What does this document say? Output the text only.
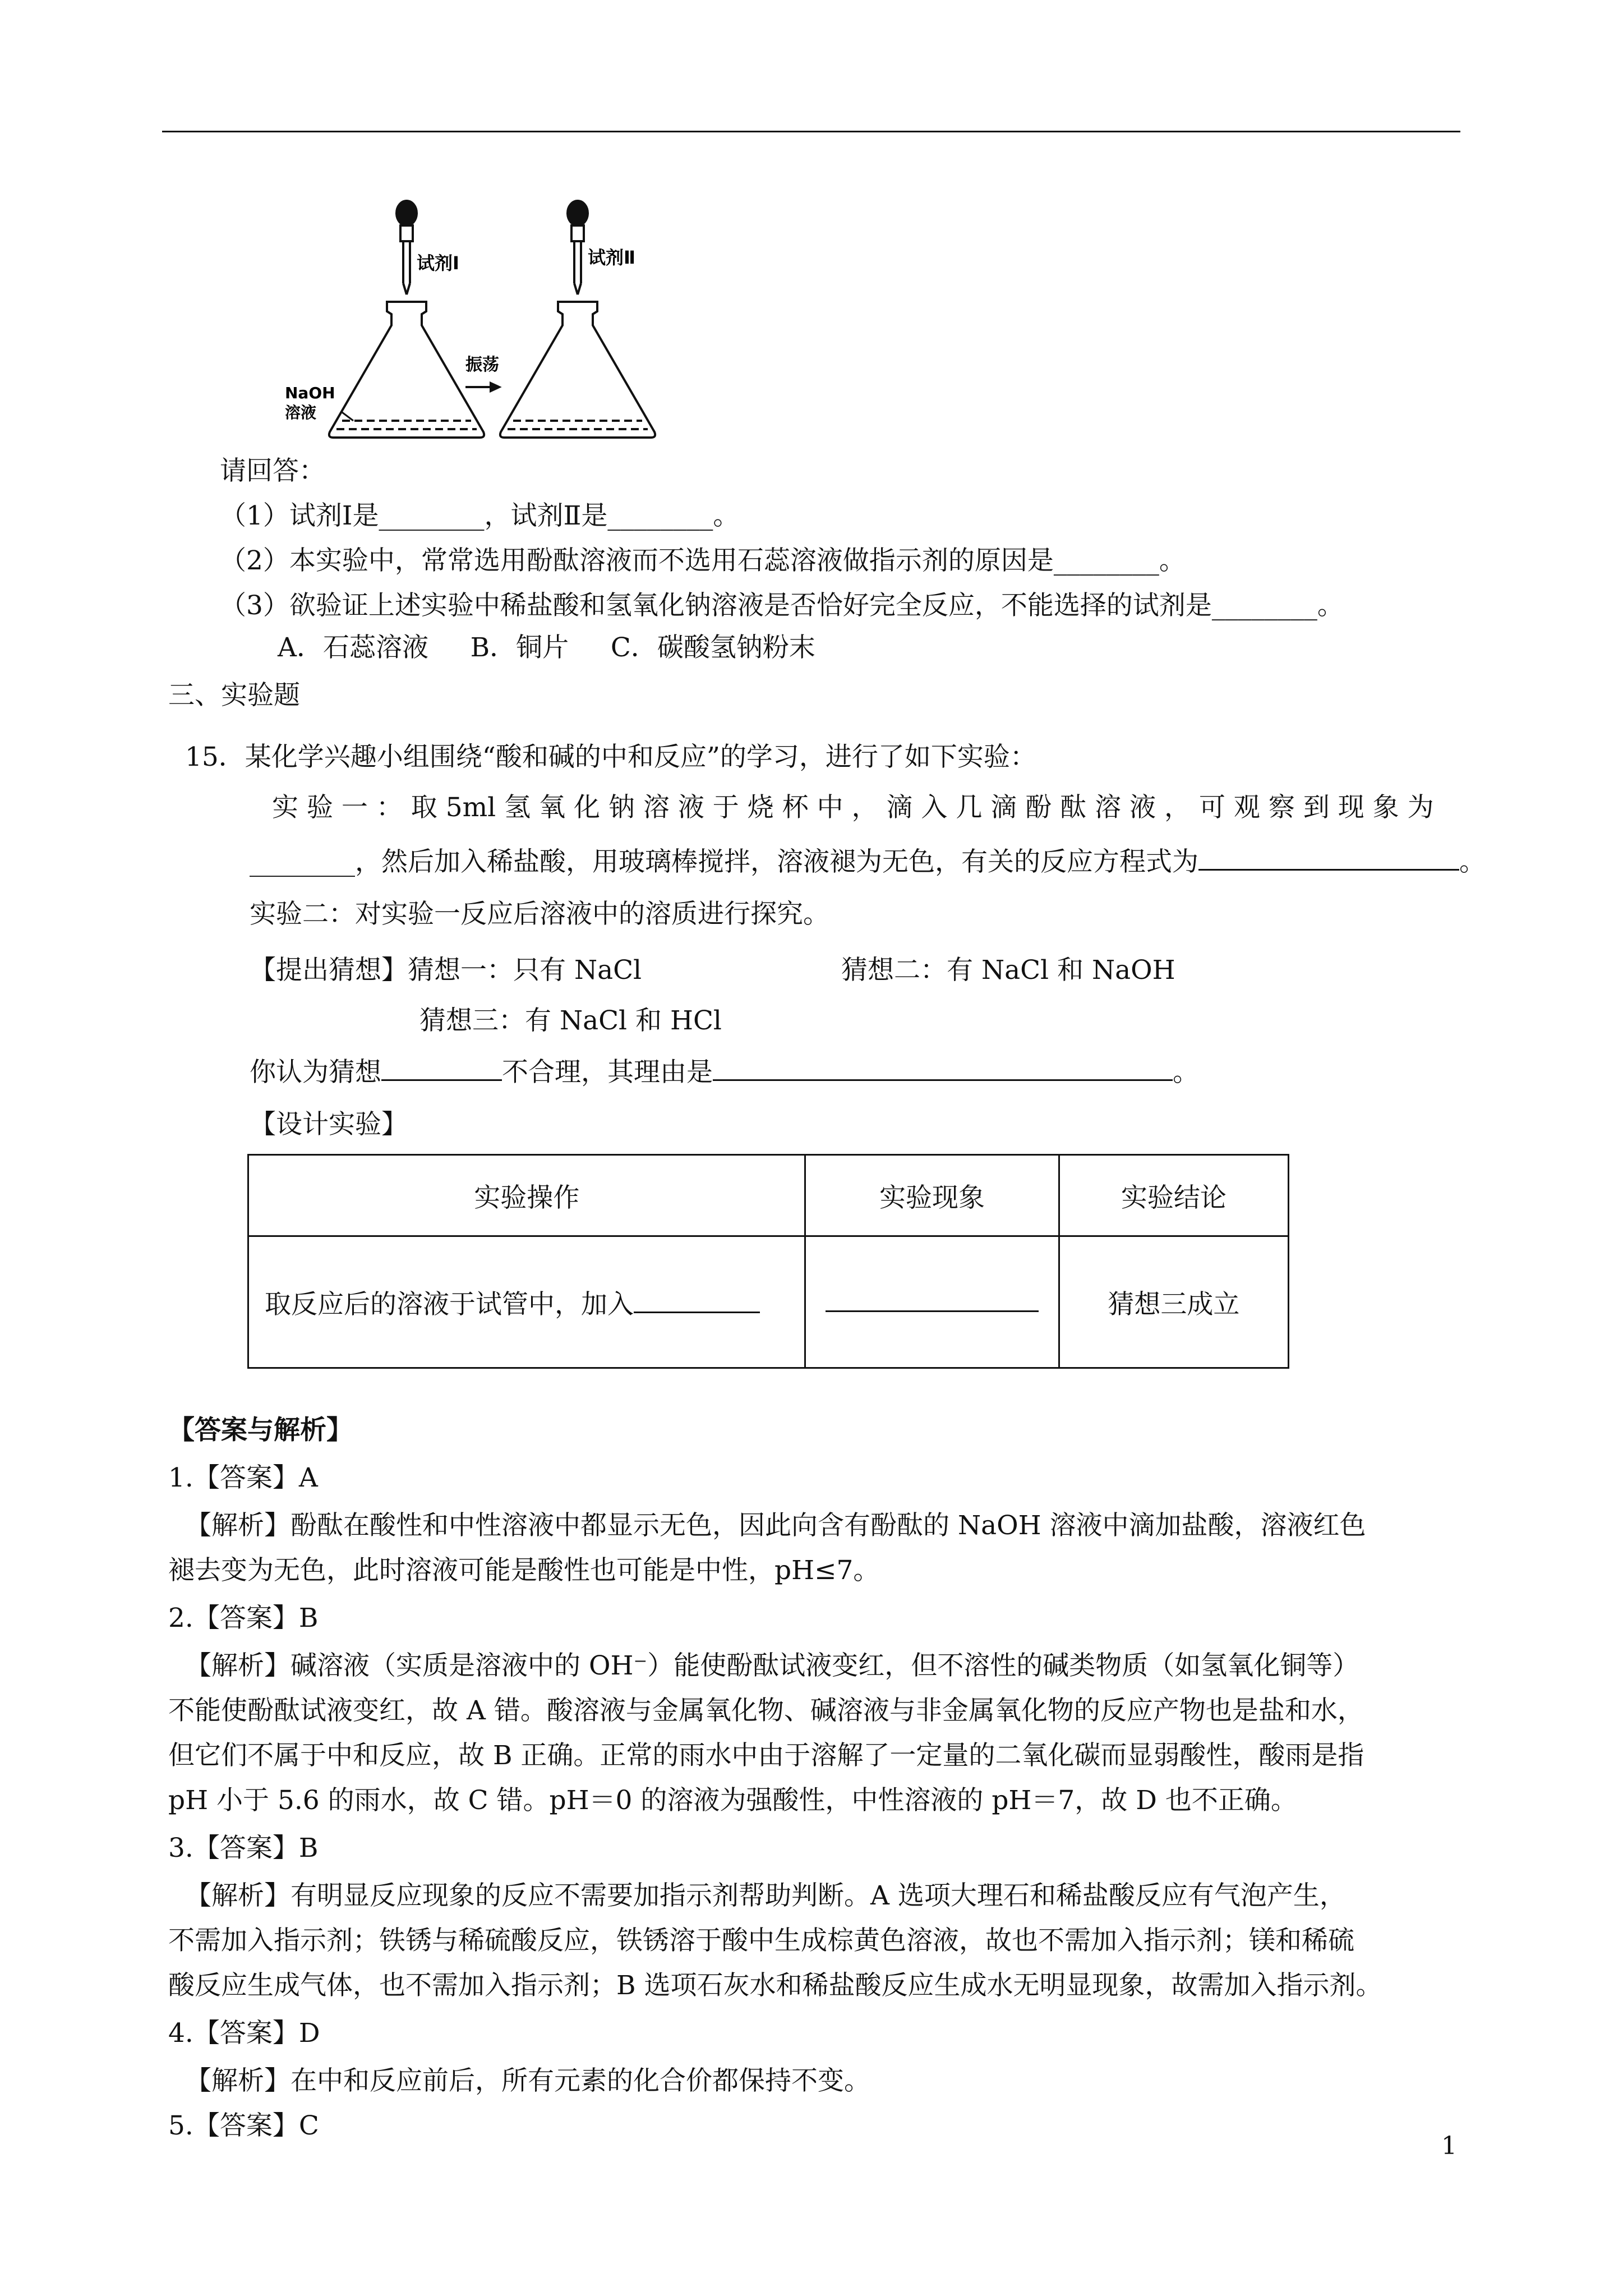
试剂Ⅰ	试剂Ⅱ
NaOH
溶液
振荡
请回答：
（1）试剂Ⅰ是________，试剂Ⅱ是________。
（2）本实验中，常常选用酚酞溶液而不选用石蕊溶液做指示剂的原因是________。
（3）欲验证上述实验中稀盐酸和氢氧化钠溶液是否恰好完全反应，不能选择的试剂是________。
A．石蕊溶液     B．铜片     C．碳酸氢钠粉末
三、实验题
15．某化学兴趣小组围绕“酸和碱的中和反应”的学习，进行了如下实验：
实 验 一 ： 取 5ml 氢 氧 化 钠 溶 液 于 烧 杯 中 ， 滴 入 几 滴 酚 酞 溶 液 ， 可 观 察 到 现 象 为
________，然后加入稀盐酸，用玻璃棒搅拌，溶液褪为无色，有关的反应方程式为	。
实验二：对实验一反应后溶液中的溶质进行探究。
【提出猜想】猜想一：只有 NaCl	猜想二：有 NaCl 和 NaOH
猜想三：有 NaCl 和 HCl
你认为猜想	不合理，其理由是	。
【设计实验】
实验操作	实验现象	实验结论
取反应后的溶液于试管中，加入		猜想三成立
【答案与解析】
1.【答案】A
【解析】酚酞在酸性和中性溶液中都显示无色，因此向含有酚酞的 NaOH 溶液中滴加盐酸，溶液红色
褪去变为无色，此时溶液可能是酸性也可能是中性，pH≤7。
2.【答案】B
【解析】碱溶液（实质是溶液中的 OH⁻）能使酚酞试液变红，但不溶性的碱类物质（如氢氧化铜等）
不能使酚酞试液变红，故 A 错。酸溶液与金属氧化物、碱溶液与非金属氧化物的反应产物也是盐和水，
但它们不属于中和反应，故 B 正确。正常的雨水中由于溶解了一定量的二氧化碳而显弱酸性，酸雨是指
pH 小于 5.6 的雨水，故 C 错。pH＝0 的溶液为强酸性，中性溶液的 pH＝7，故 D 也不正确。
3.【答案】B
【解析】有明显反应现象的反应不需要加指示剂帮助判断。A 选项大理石和稀盐酸反应有气泡产生，
不需加入指示剂；铁锈与稀硫酸反应，铁锈溶于酸中生成棕黄色溶液，故也不需加入指示剂；镁和稀硫
酸反应生成气体，也不需加入指示剂；B 选项石灰水和稀盐酸反应生成水无明显现象，故需加入指示剂。
4.【答案】D
【解析】在中和反应前后，所有元素的化合价都保持不变。
5.【答案】C
1
